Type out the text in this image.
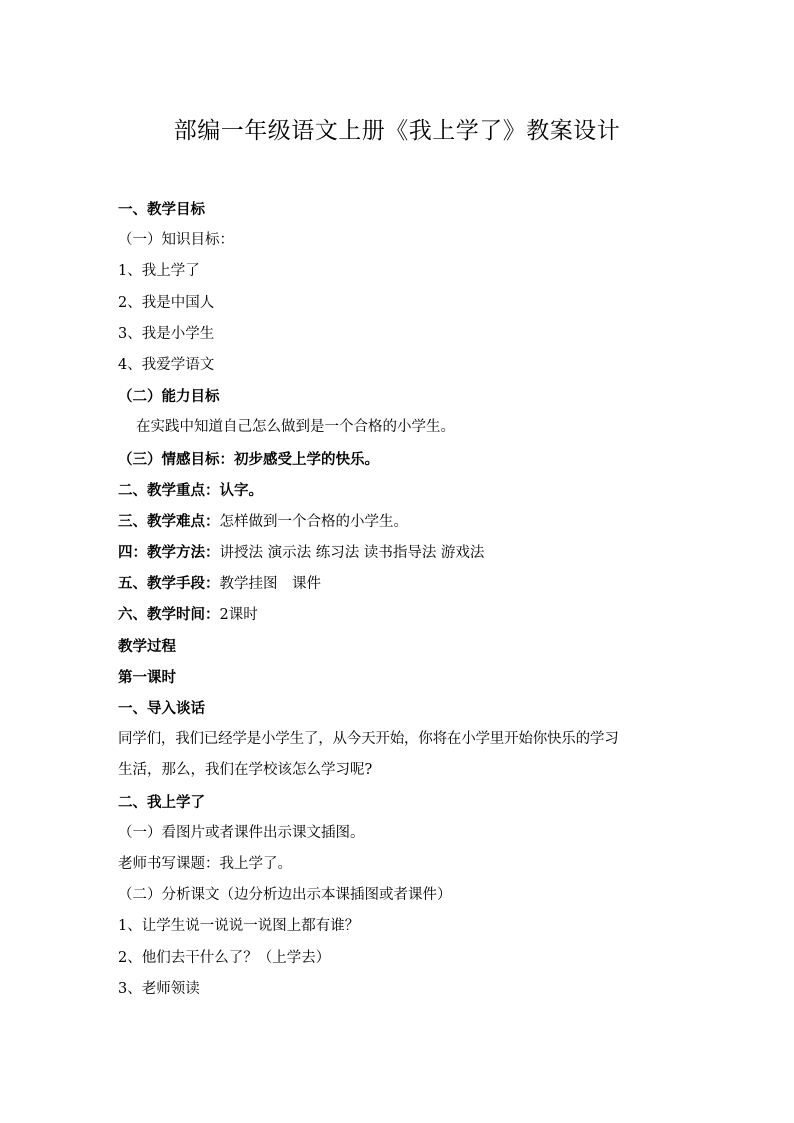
部编一年级语文上册《我上学了》教案设计
一、教学目标
（一）知识目标：
1、我上学了
2、我是中国人
3、我是小学生
4、我爱学语文
（二）能力目标
在实践中知道自己怎么做到是一个合格的小学生。
（三）情感目标：初步感受上学的快乐。
二、教学重点：认字。
三、教学难点：怎样做到一个合格的小学生。
四：教学方法：讲授法 演示法 练习法 读书指导法 游戏法
五、教学手段：教学挂图　课件
六、教学时间：2课时
教学过程
第一课时
一、导入谈话
同学们，我们已经学是小学生了，从今天开始，你将在小学里开始你快乐的学习
生活，那么，我们在学校该怎么学习呢?
二、我上学了
（一）看图片或者课件出示课文插图。
老师书写课题：我上学了。
（二）分析课文（边分析边出示本课插图或者课件）
1、让学生说一说说一说图上都有谁？
2、他们去干什么了？（上学去）
3、老师领读
